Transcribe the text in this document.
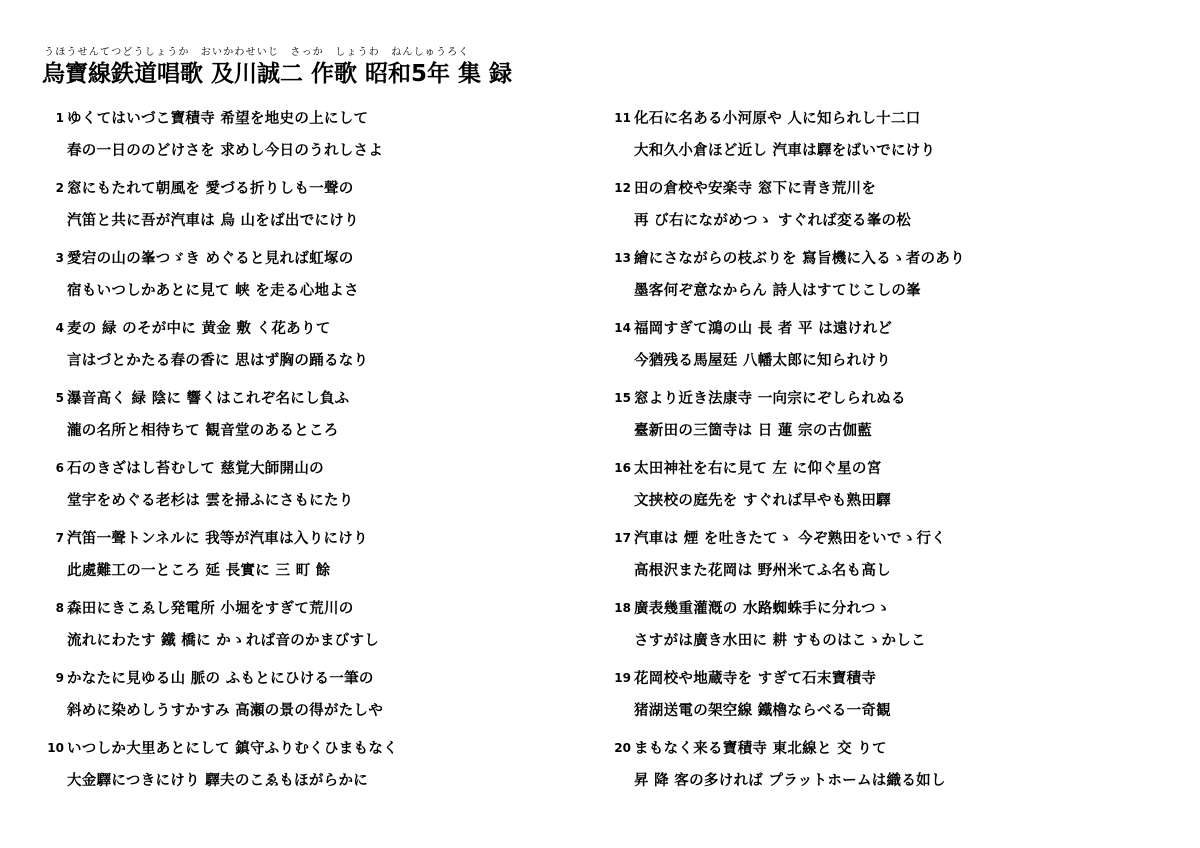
うほうせんてつどうしょうか　おいかわせいじ　さっか　しょうわ　ねんしゅうろく
烏寶線鉄道唱歌 及川誠二 作歌 昭和5年 集 録
1 ゆくてはいづこ寶積寺 希望を地史の上にして
春の一日ののどけさを 求めし今日のうれしさよ
2 窓にもたれて朝風を 愛づる折りしも一聲の
汽笛と共に吾が汽車は 烏 山をば出でにけり
3 愛宕の山の峯つゞき めぐると見れば虹塚の
宿もいつしかあとに見て 峡 を走る心地よさ
4 麦の 緑 のそが中に 黄金 敷 く花ありて
言はづとかたる春の香に 思はず胸の踊るなり
5 瀑音高く 緑 陰に 響くはこれぞ名にし負ふ
瀧の名所と相待ちて 観音堂のあるところ
6 石のきざはし苔むして 慈覚大師開山の
堂宇をめぐる老杉は 雲を掃ふにさもにたり
7 汽笛一聲トンネルに 我等が汽車は入りにけり
此處難工の一ところ 延 長實に 三 町 餘
8 森田にきこゑし発電所 小堀をすぎて荒川の
流れにわたす 鐵 橋に かゝれば音のかまびすし
9 かなたに見ゆる山 脈の ふもとにひける一筆の
斜めに染めしうすかすみ 高瀬の景の得がたしや
10 いつしか大里あとにして 鎮守ふりむくひまもなく
大金驛につきにけり 驛夫のこゑもほがらかに
11 化石に名ある小河原や 人に知られし十二口
大和久小倉ほど近し 汽車は驛をばいでにけり
12 田の倉校や安楽寺 窓下に青き荒川を
再 び右にながめつゝ すぐれば変る峯の松
13 繪にさながらの枝ぶりを 寫旨機に入るゝ者のあり
墨客何ぞ意なからん 詩人はすてじこしの峯
14 福岡すぎて鴻の山 長 者 平 は遠けれど
今猶残る馬屋廷 八幡太郎に知られけり
15 窓より近き法康寺 一向宗にぞしられぬる
臺新田の三箇寺は 日 蓮 宗の古伽藍
16 太田神社を右に見て 左 に仰ぐ星の宮
文挟校の庭先を すぐれば早やも熟田驛
17 汽車は 煙 を吐きたてゝ 今ぞ熟田をいでゝ行く
高根沢また花岡は 野州米てふ名も高し
18 廣表幾重灌漑の 水路蜘蛛手に分れつゝ
さすがは廣き水田に 耕 すものはこゝかしこ
19 花岡校や地蔵寺を すぎて石末寶積寺
猪湖送電の架空線 鐵櫓ならべる一奇観
20 まもなく来る寶積寺 東北線と 交 りて
昇 降 客の多ければ プラットホームは織る如し
